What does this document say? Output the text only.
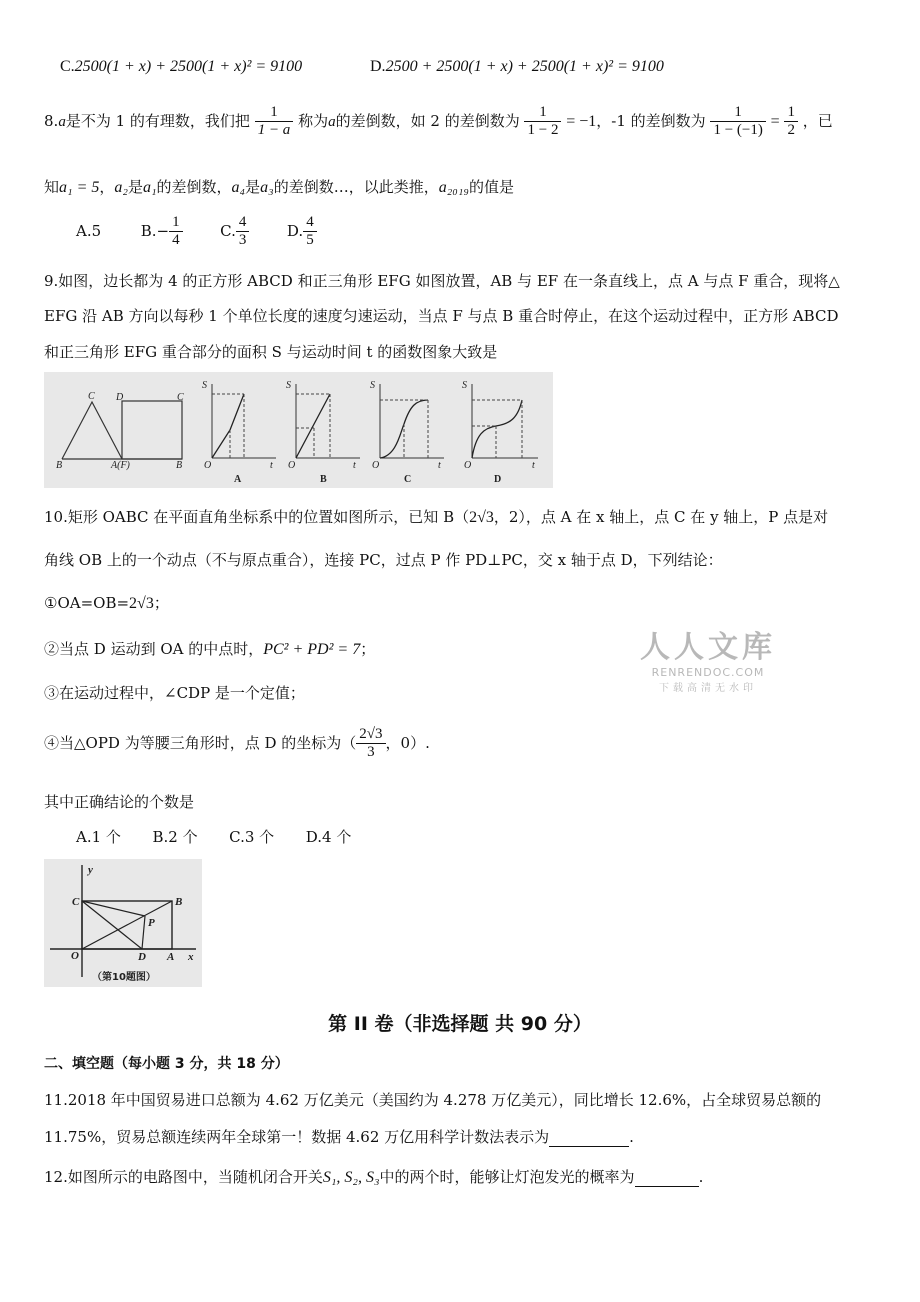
C.2500(1 + x) + 2500(1 + x)² = 9100	D.2500 + 2500(1 + x) + 2500(1 + x)² = 9100
8.a是不为 1 的有理数，我们把 $\frac{1}{1 - a}$ 称为a的差倒数，如 2 的差倒数为 $\frac{1}{1 - 2} = -1$，-1 的差倒数为 $\frac{1}{1 - (-1)} = \frac{1}{2}$ ，已
知a₁ = 5，a₂是a₁的差倒数，a₄是a₃的差倒数…，以此类推，a₂₀₁₉的值是
A.5	$B.- \frac{1}{4}$	C. $\frac{4}{3}$	D. $\frac{4}{5}$
9.如图，边长都为 4 的正方形 ABCD 和正三角形 EFG 如图放置，AB 与 EF 在一条直线上，点 A 与点 F 重合，现将△
EFG 沿 AB 方向以每秒 1 个单位长度的速度匀速运动，当点 F 与点 B 重合时停止，在这个运动过程中，正方形 ABCD
和正三角形 EFG 重合部分的面积 S 与运动时间 t 的函数图象大致是
C D	C
B	A(F)	B
S
O	t
A
S
O	t
B
S
O	t
C
S
O	t
D
10.矩形 OABC 在平面直角坐标系中的位置如图所示，已知 B（2√3，2），点 A 在 x 轴上，点 C 在 y 轴上，P 点是对
角线 OB 上的一个动点（不与原点重合），连接 PC，过点 P 作 PD⊥PC，交 x 轴于点 D，下列结论：
①OA=OB=2√3；
②当点 D 运动到 OA 的中点时，PC² + PD² = 7；
③在运动过程中，∠CDP 是一个定值；
④当△OPD 为等腰三角形时，点 D 的坐标为（ $\frac{2√3}{3}$ ，0）.
其中正确结论的个数是
A.1 个 B.2 个 C.3 个 D.4 个
y
C	B
P
O	D A x
（第10题图）
人人文库
RENRENDOC.COM
下载高清无水印
第 II 卷（非选择题 共 90 分）
二、填空题（每小题 3 分，共 18 分）
11.2018 年中国贸易进口总额为 4.62 万亿美元（美国约为 4.278 万亿美元），同比增长 12.6%，占全球贸易总额的
11.75%，贸易总额连续两年全球第一！数据 4.62 万亿用科学计数法表示为	.
12.如图所示的电路图中，当随机闭合开关S₁, S₂, S₃中的两个时，能够让灯泡发光的概率为	.
